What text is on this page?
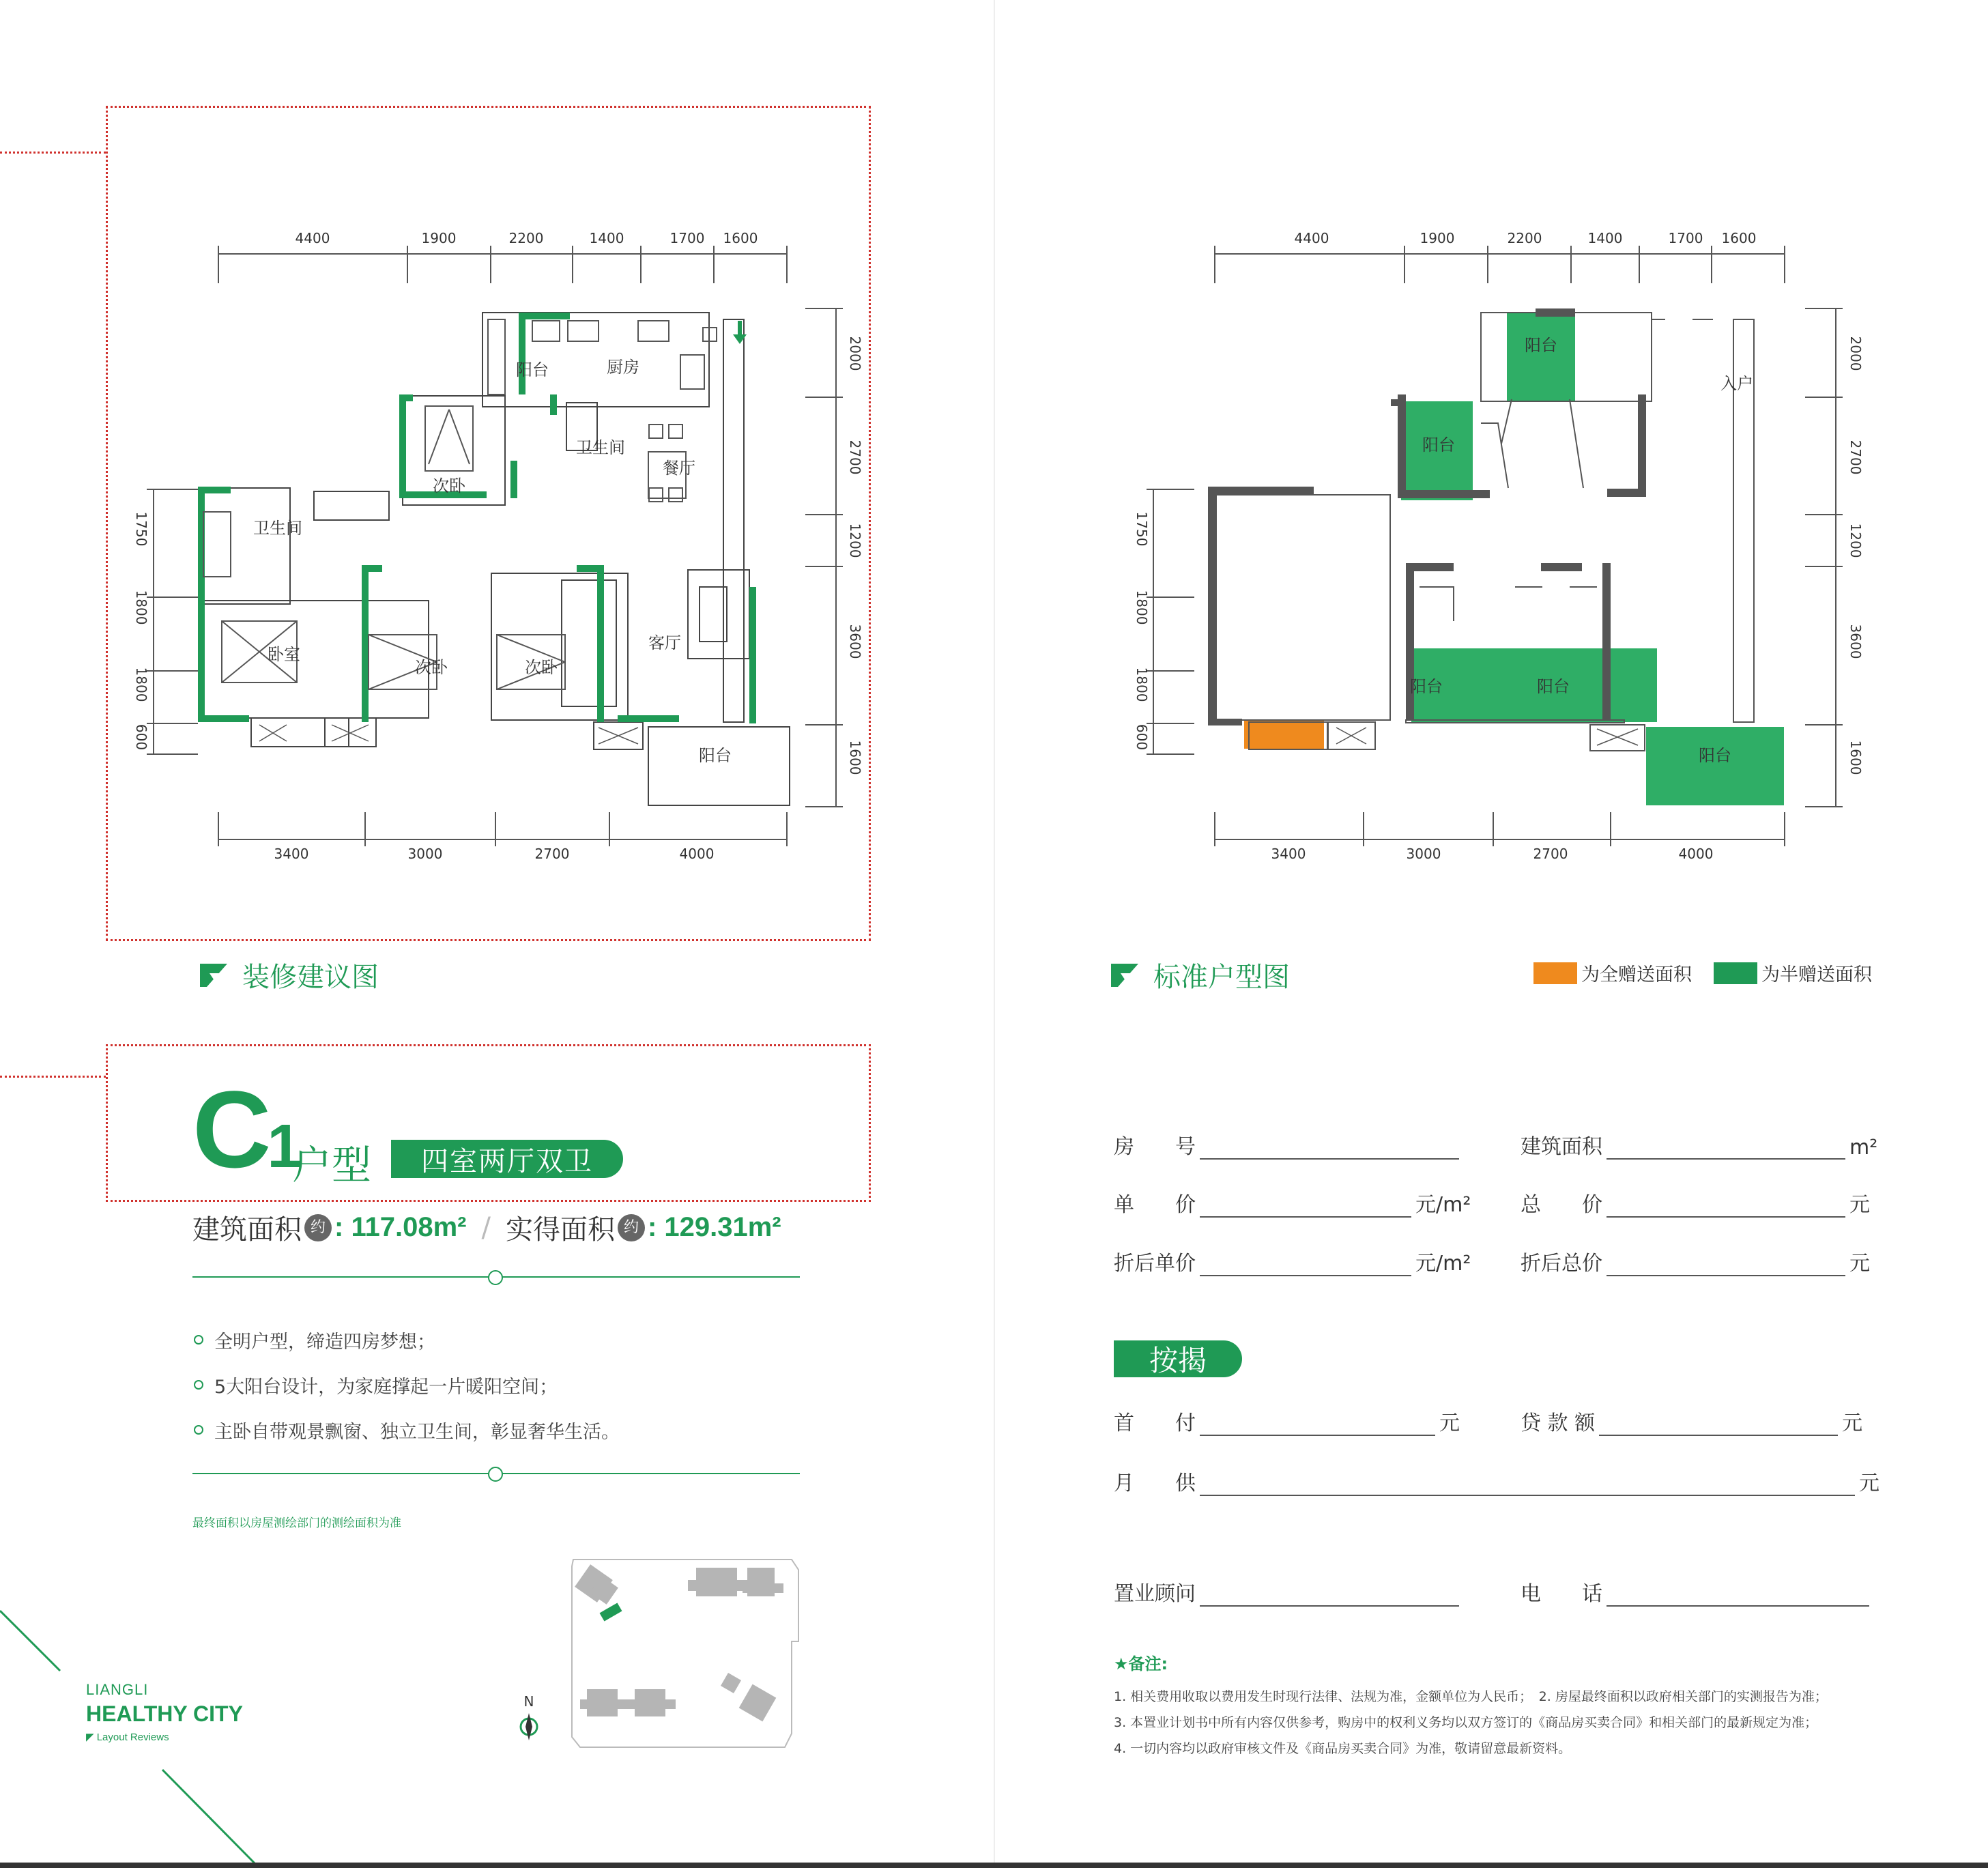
4400	1900	2200	1400	1700 1600
3400	3000	2700	4000
1750
1800
1800
600
2000
2700
1200
3600
1600
阳台	厨房
次卧
卫生间
餐厅
卫生间
卧室
次卧	次卧
客厅
阳台
装修建议图
C1
户型	四室两厅双卫
建筑面积 约 : 117.08m² / 实得面积 约 : 129.31m²
全明户型，缔造四房梦想；
5大阳台设计，为家庭撑起一片暖阳空间；
主卧自带观景飘窗、独立卫生间，彰显奢华生活。
最终面积以房屋测绘部门的测绘面积为准
LIANGLI
HEALTHY CITY
◤ Layout Reviews
N
4400	1900	2200	1400	1700 1600
3400	3000	2700	4000
1750
1800
1800
600
2000
2700
1200
3600
1600
阳台
入户
阳台
阳台	阳台
阳台
标准户型图	为全赠送面积	为半赠送面积
房　　号	建筑面积	m²
单　　价	元/m² 总　　价	元
折后单价	元/m² 折后总价	元
按揭
首　　付	元	贷 款 额	元
月　　供	元
置业顾问	电　　话
★备注:
1. 相关费用收取以费用发生时现行法律、法规为准，金额单位为人民币；　2. 房屋最终面积以政府相关部门的实测报告为准；
3. 本置业计划书中所有内容仅供参考，购房中的权利义务均以双方签订的《商品房买卖合同》和相关部门的最新规定为准；
4. 一切内容均以政府审核文件及《商品房买卖合同》为准，敬请留意最新资料。
